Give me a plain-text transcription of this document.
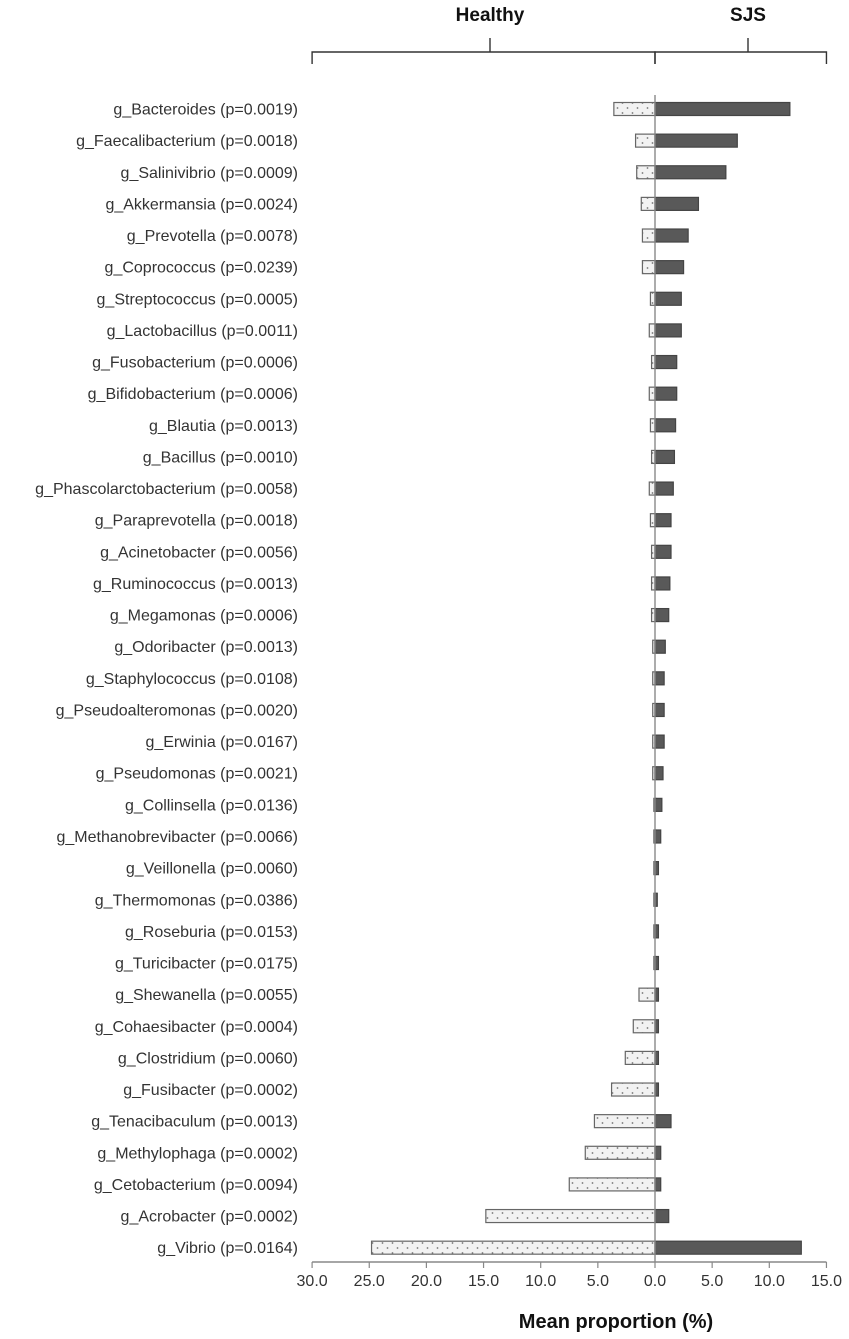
Healthy	SJS
g_Bacteroides (p=0.0019)
g_Faecalibacterium (p=0.0018)
g_Salinivibrio (p=0.0009)
g_Akkermansia (p=0.0024)
g_Prevotella (p=0.0078)
g_Coprococcus (p=0.0239)
g_Streptococcus (p=0.0005)
g_Lactobacillus (p=0.0011)
g_Fusobacterium (p=0.0006)
g_Bifidobacterium (p=0.0006)
g_Blautia (p=0.0013)
g_Bacillus (p=0.0010)
g_Phascolarctobacterium (p=0.0058)
g_Paraprevotella (p=0.0018)
g_Acinetobacter (p=0.0056)
g_Ruminococcus (p=0.0013)
g_Megamonas (p=0.0006)
g_Odoribacter (p=0.0013)
g_Staphylococcus (p=0.0108)
g_Pseudoalteromonas (p=0.0020)
g_Erwinia (p=0.0167)
g_Pseudomonas (p=0.0021)
g_Collinsella (p=0.0136)
g_Methanobrevibacter (p=0.0066)
g_Veillonella (p=0.0060)
g_Thermomonas (p=0.0386)
g_Roseburia (p=0.0153)
g_Turicibacter (p=0.0175)
g_Shewanella (p=0.0055)
g_Cohaesibacter (p=0.0004)
g_Clostridium (p=0.0060)
g_Fusibacter (p=0.0002)
g_Tenacibaculum (p=0.0013)
g_Methylophaga (p=0.0002)
g_Cetobacterium (p=0.0094)
g_Acrobacter (p=0.0002)
g_Vibrio (p=0.0164)
30.0 25.0 20.0 15.0 10.0 5.0 0.0 5.0 10.0 15.0
Mean proportion (%)
